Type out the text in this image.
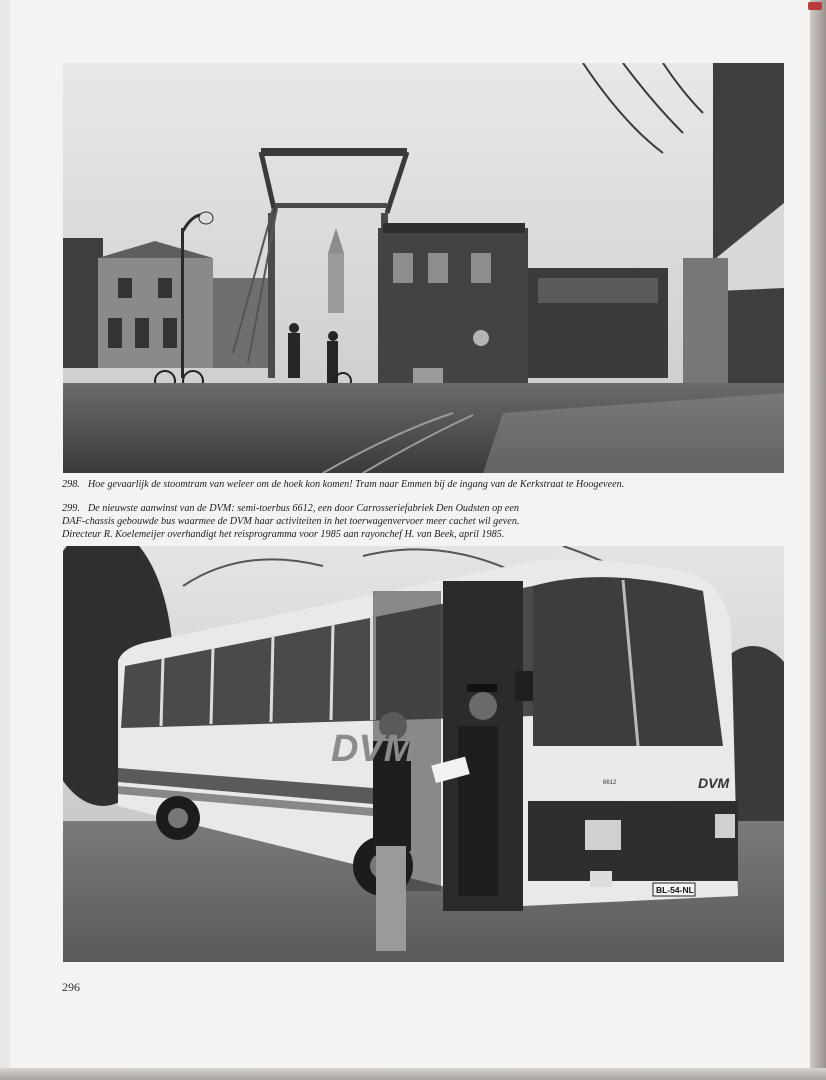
298. Hoe gevaarlijk de stoomtram van weleer om de hoek kon komen! Tram naar Emmen bij de ingang van de Kerkstraat te Hoogeveen.
299. De nieuwste aanwinst van de DVM: semi-toerbus 6612, een door Carrosseriefabriek Den Oudsten op een
DAF-chassis gebouwde bus waarmee de DVM haar activiteiten in het toerwagenvervoer meer cachet wil geven.
Directeur R. Koelemeijer overhandigt het reisprogramma voor 1985 aan rayonchef H. van Beek, april 1985.
DVM
DVM
6612
DEN OUDSTEN · DAF
BL-54-NL
296
